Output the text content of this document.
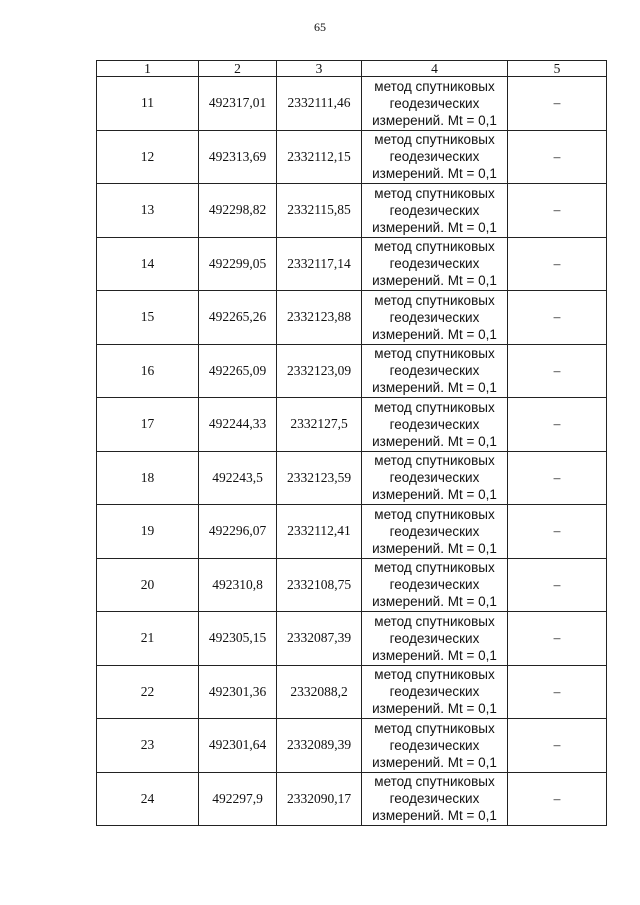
65
1	2	3	4	5
11	492317,01	2332111,46	метод спутниковых
геодезических
измерений. Mt = 0,1	–
12	492313,69	2332112,15	метод спутниковых
геодезических
измерений. Mt = 0,1	–
13	492298,82	2332115,85	метод спутниковых
геодезических
измерений. Mt = 0,1	–
14	492299,05	2332117,14	метод спутниковых
геодезических
измерений. Mt = 0,1	–
15	492265,26	2332123,88	метод спутниковых
геодезических
измерений. Mt = 0,1	–
16	492265,09	2332123,09	метод спутниковых
геодезических
измерений. Mt = 0,1	–
17	492244,33	2332127,5	метод спутниковых
геодезических
измерений. Mt = 0,1	–
18	492243,5	2332123,59	метод спутниковых
геодезических
измерений. Mt = 0,1	–
19	492296,07	2332112,41	метод спутниковых
геодезических
измерений. Mt = 0,1	–
20	492310,8	2332108,75	метод спутниковых
геодезических
измерений. Mt = 0,1	–
21	492305,15	2332087,39	метод спутниковых
геодезических
измерений. Mt = 0,1	–
22	492301,36	2332088,2	метод спутниковых
геодезических
измерений. Mt = 0,1	–
23	492301,64	2332089,39	метод спутниковых
геодезических
измерений. Mt = 0,1	–
24	492297,9	2332090,17	метод спутниковых
геодезических
измерений. Mt = 0,1	–
